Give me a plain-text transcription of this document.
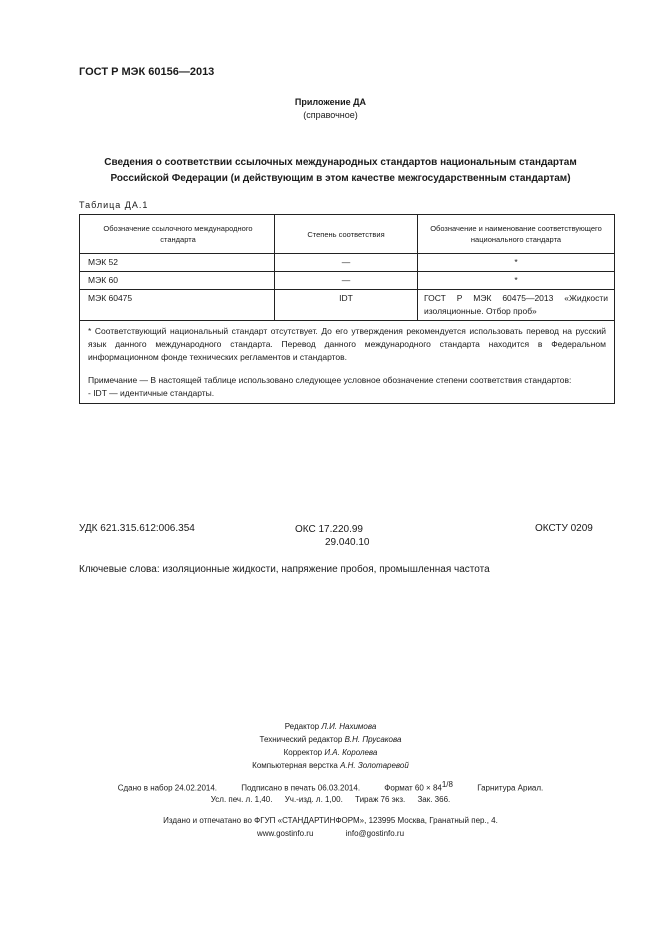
ГОСТ Р МЭК 60156—2013
Приложение ДА
(справочное)
Сведения о соответствии ссылочных международных стандартов национальным стандартам
Российской Федерации (и действующим в этом качестве межгосударственным стандартам)
Таблица ДА.1
Обозначение ссылочного международного стандарта	Степень соответствия	Обозначение и наименование соответствующего национального стандарта
МЭК 52	—	*
МЭК 60	—	*
МЭК 60475	IDT	ГОСТ Р МЭК 60475—2013 «Жидкости изоляционные. Отбор проб»

* Соответствующий национальный стандарт отсутствует. До его утверждения рекомендуется использовать перевод на русский язык данного международного стандарта. Перевод данного международного стандарта находится в Федеральном информационном фонде технических регламентов и стандартов.

Примечание — В настоящей таблице использовано следующее условное обозначение степени соответствия стандартов:

- IDT — идентичные стандарты.		

УДК 621.315.612:006.354	ОКС 17.220.99
29.040.10
ОКСТУ 0209
Ключевые слова: изоляционные жидкости, напряжение пробоя, промышленная частота
Редактор Л.И. Нахимова
Технический редактор В.Н. Прусакова
Корректор И.А. Королева
Компьютерная верстка А.Н. Золотаревой
Сдано в набор 24.02.2014.	Подписано в печать 06.03.2014.	Формат $60 \times 84^{1/8}$	Гарнитура Ариал.
Усл. печ. л. 1,40. Уч.-изд. л. 1,00. Тираж 76 экз. Зак. 366.
Издано и отпечатано во ФГУП «СТАНДАРТИНФОРМ», 123995 Москва, Гранатный пер., 4.
www.gostinfo.ru	info@gostinfo.ru
